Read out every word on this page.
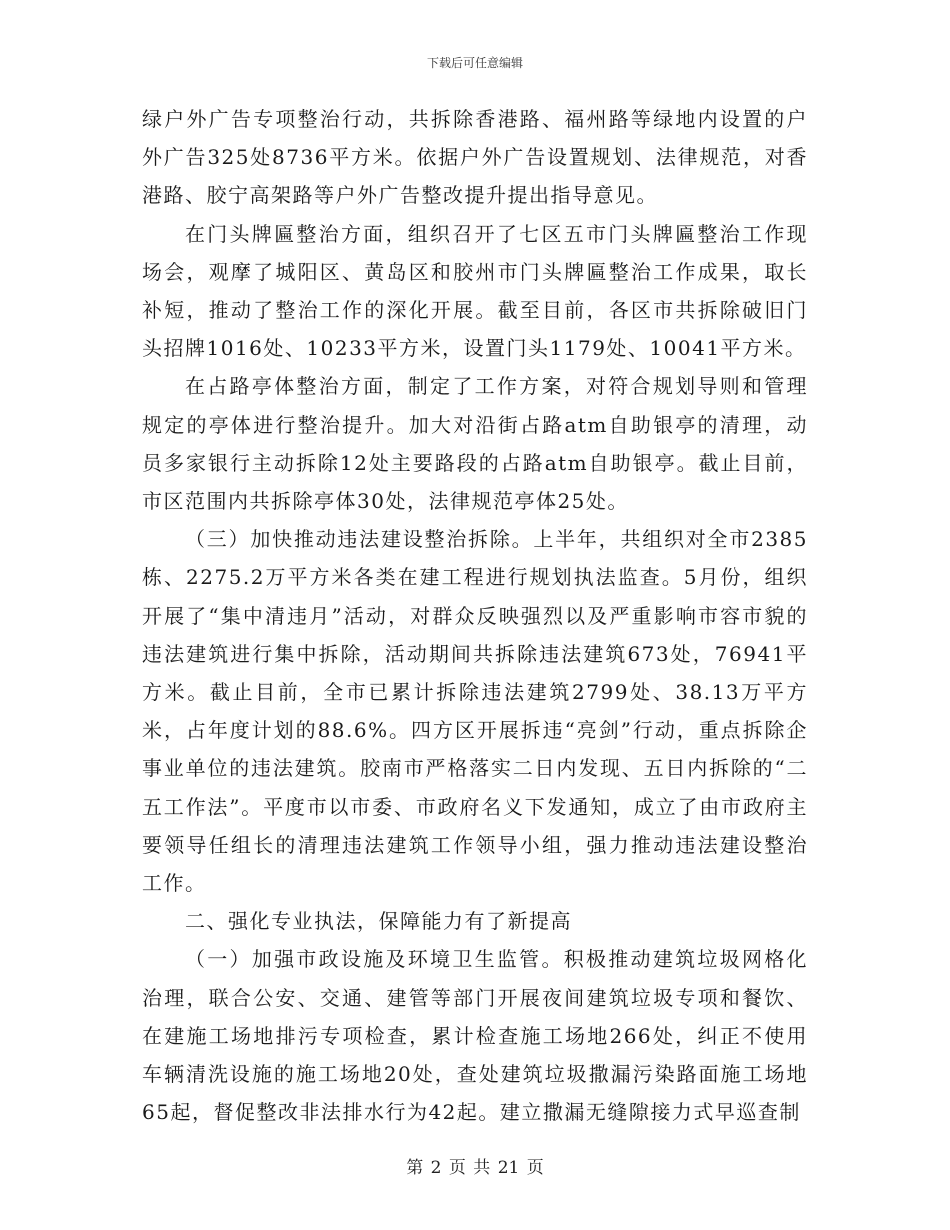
下载后可任意编辑

绿户外广告专项整治行动，共拆除香港路、福州路等绿地内设置的户外广告325处8736平方米。依据户外广告设置规划、法律规范，对香港路、胶宁高架路等户外广告整改提升提出指导意见。

在门头牌匾整治方面，组织召开了七区五市门头牌匾整治工作现场会，观摩了城阳区、黄岛区和胶州市门头牌匾整治工作成果，取长补短，推动了整治工作的深化开展。截至目前，各区市共拆除破旧门头招牌1016处、10233平方米，设置门头1179处、10041平方米。

在占路亭体整治方面，制定了工作方案，对符合规划导则和管理规定的亭体进行整治提升。加大对沿街占路atm自助银亭的清理，动员多家银行主动拆除12处主要路段的占路atm自助银亭。截止目前，市区范围内共拆除亭体30处，法律规范亭体25处。

（三）加快推动违法建设整治拆除。上半年，共组织对全市2385栋、2275.2万平方米各类在建工程进行规划执法监查。5月份，组织开展了“集中清违月”活动，对群众反映强烈以及严重影响市容市貌的违法建筑进行集中拆除，活动期间共拆除违法建筑673处，76941平方米。截止目前，全市已累计拆除违法建筑2799处、38.13万平方米，占年度计划的88.6%。四方区开展拆违“亮剑”行动，重点拆除企事业单位的违法建筑。胶南市严格落实二日内发现、五日内拆除的“二五工作法”。平度市以市委、市政府名义下发通知，成立了由市政府主要领导任组长的清理违法建筑工作领导小组，强力推动违法建设整治工作。

二、强化专业执法，保障能力有了新提高

（一）加强市政设施及环境卫生监管。积极推动建筑垃圾网格化治理，联合公安、交通、建管等部门开展夜间建筑垃圾专项和餐饮、在建施工场地排污专项检查，累计检查施工场地266处，纠正不使用车辆清洗设施的施工场地20处，查处建筑垃圾撒漏污染路面施工场地65起，督促整改非法排水行为42起。建立撒漏无缝隙接力式早巡查制

第 2 页 共 21 页
